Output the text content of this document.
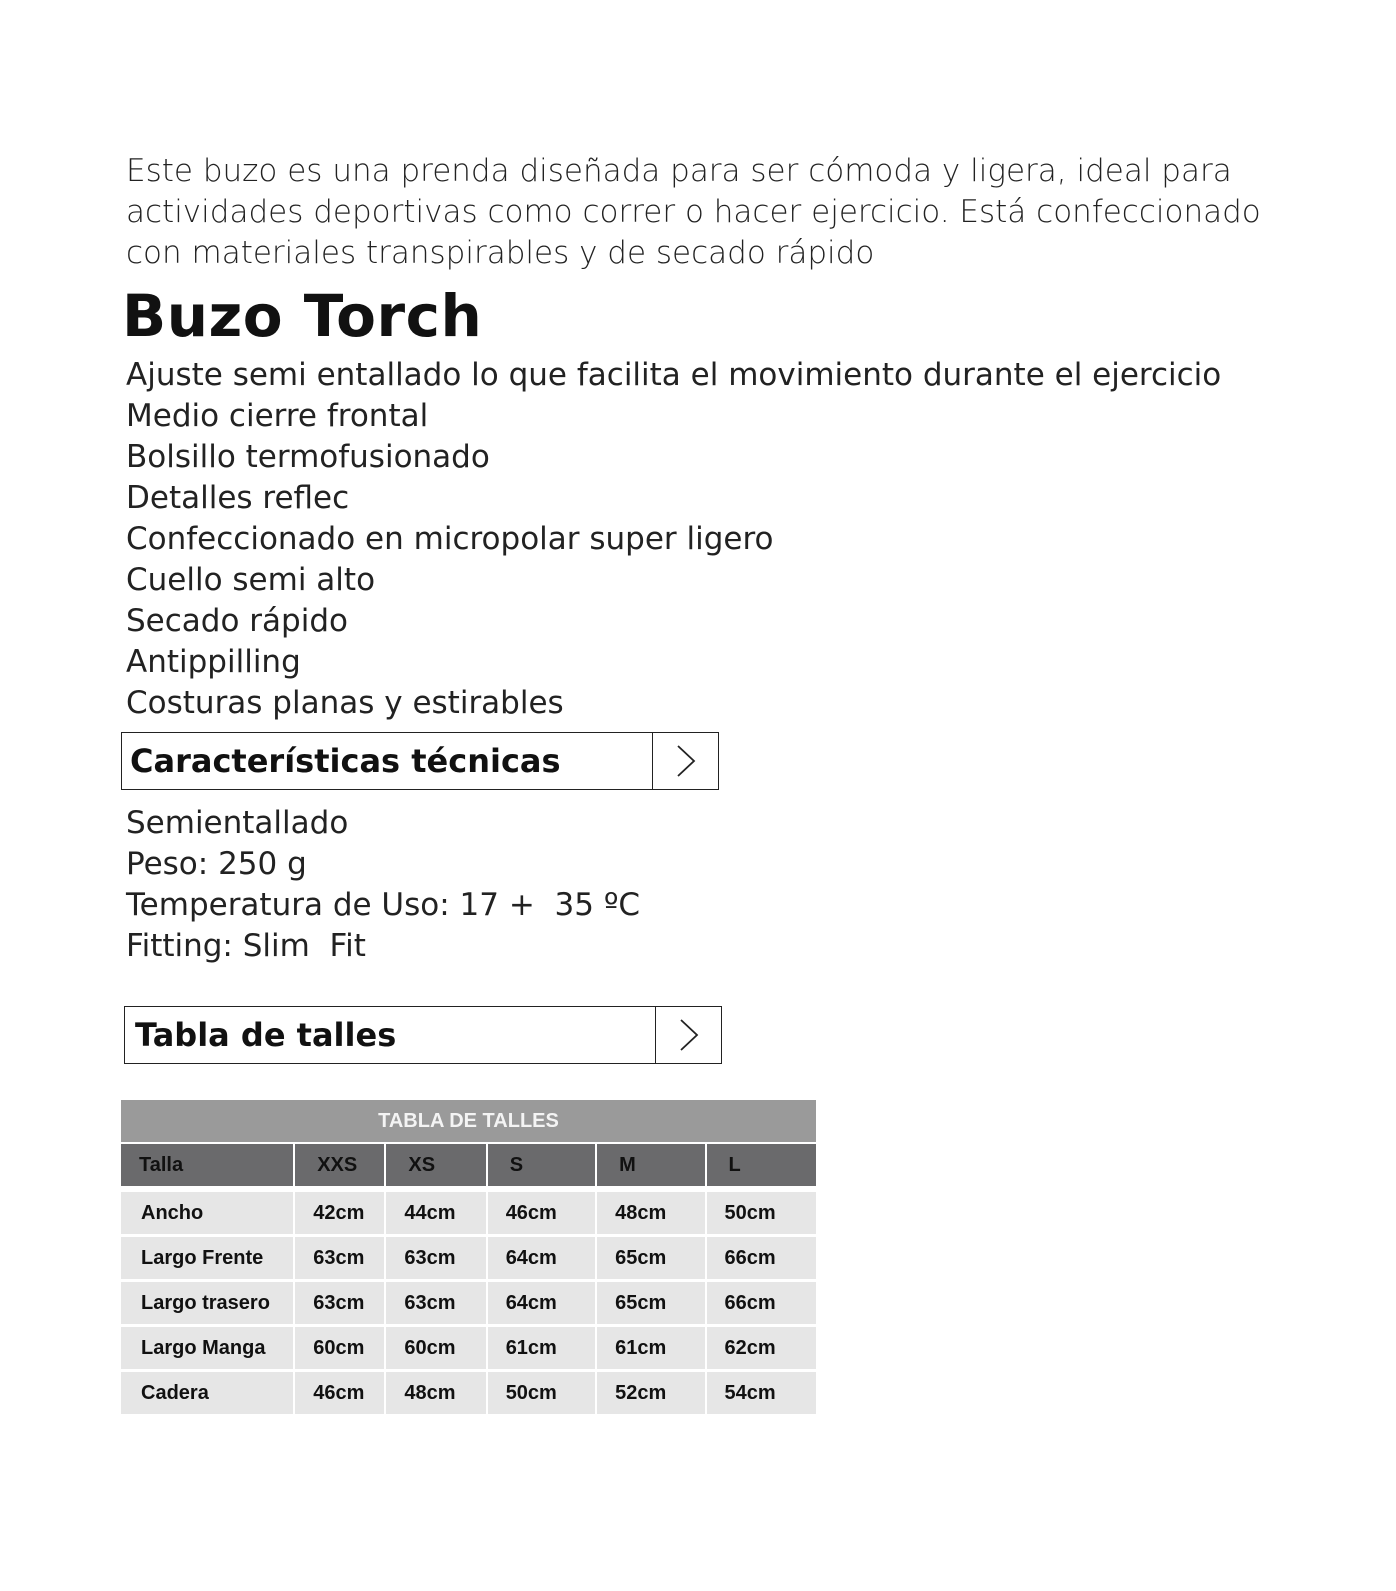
Este buzo es una prenda diseñada para ser cómoda y ligera, ideal para actividades deportivas como correr o hacer ejercicio. Está confeccionado con materiales transpirables y de secado rápido

Buzo Torch
Ajuste semi entallado lo que facilita el movimiento durante el ejercicio
Medio cierre frontal
Bolsillo termofusionado
Detalles reflec
Confeccionado en micropolar super ligero
Cuello semi alto
Secado rápido
Antippilling
Costuras planas y estirables
Características técnicas
Semientallado
Peso: 250 g
Temperatura de Uso: 17 +  35 ºC
Fitting: Slim  Fit
Tabla de talles
TABLA DE TALLES					
Talla	XXS	XS	S	M	L

Ancho	42cm	44cm	46cm	48cm	50cm
Largo Frente	63cm	63cm	64cm	65cm	66cm
Largo trasero	63cm	63cm	64cm	65cm	66cm
Largo Manga	60cm	60cm	61cm	61cm	62cm
Cadera	46cm	48cm	50cm	52cm	54cm
